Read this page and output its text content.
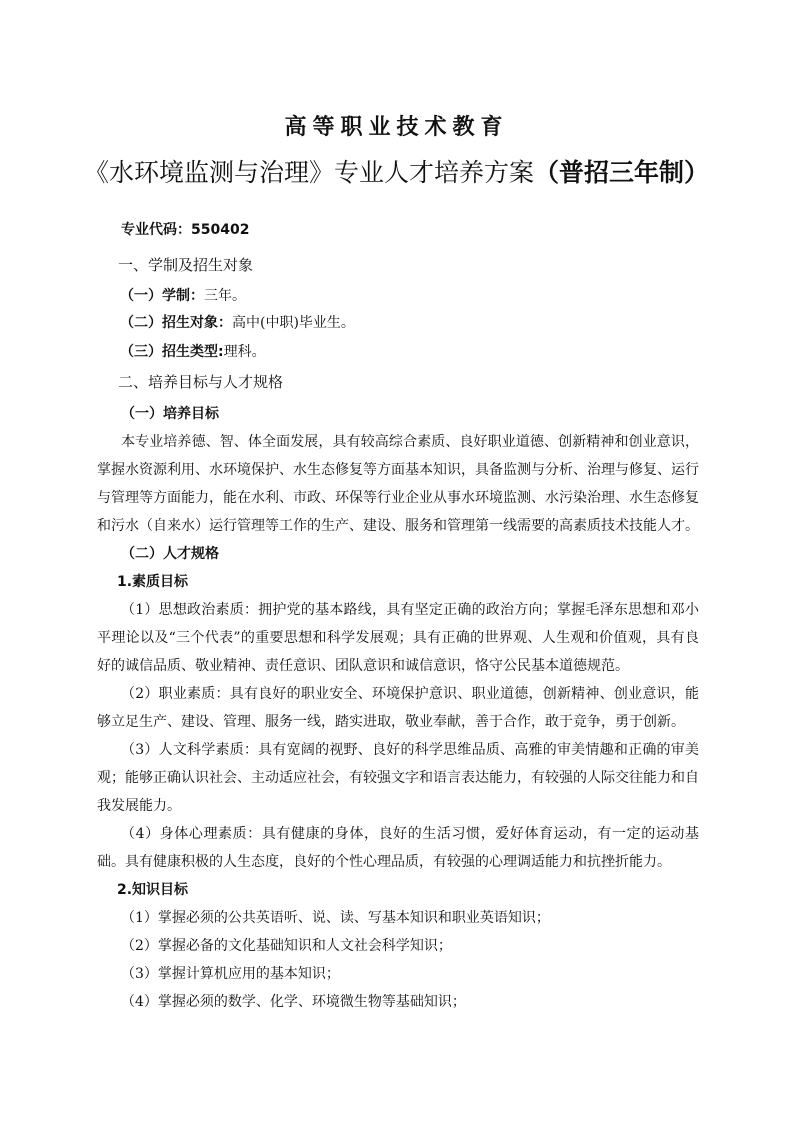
高等职业技术教育
《水环境监测与治理》专业人才培养方案（普招三年制）
专业代码：550402
一、学制及招生对象
（一）学制：三年。
（二）招生对象：高中(中职)毕业生。
（三）招生类型:理科。
二、培养目标与人才规格
（一）培养目标
本专业培养德、智、体全面发展，具有较高综合素质、良好职业道德、创新精神和创业意识，掌握水资源利用、水环境保护、水生态修复等方面基本知识，具备监测与分析、治理与修复、运行与管理等方面能力，能在水利、市政、环保等行业企业从事水环境监测、水污染治理、水生态修复和污水（自来水）运行管理等工作的生产、建设、服务和管理第一线需要的高素质技术技能人才。
（二）人才规格
1.素质目标
（1）思想政治素质：拥护党的基本路线，具有坚定正确的政治方向；掌握毛泽东思想和邓小平理论以及“三个代表”的重要思想和科学发展观；具有正确的世界观、人生观和价值观，具有良好的诚信品质、敬业精神、责任意识、团队意识和诚信意识，恪守公民基本道德规范。
（2）职业素质：具有良好的职业安全、环境保护意识、职业道德，创新精神、创业意识，能够立足生产、建设、管理、服务一线，踏实进取，敬业奉献，善于合作，敢于竞争，勇于创新。
（3）人文科学素质：具有宽阔的视野、良好的科学思维品质、高雅的审美情趣和正确的审美观；能够正确认识社会、主动适应社会，有较强文字和语言表达能力，有较强的人际交往能力和自我发展能力。
（4）身体心理素质：具有健康的身体，良好的生活习惯，爱好体育运动，有一定的运动基础。具有健康积极的人生态度，良好的个性心理品质，有较强的心理调适能力和抗挫折能力。
2.知识目标
（1）掌握必须的公共英语听、说、读、写基本知识和职业英语知识；
（2）掌握必备的文化基础知识和人文社会科学知识；
（3）掌握计算机应用的基本知识；
（4）掌握必须的数学、化学、环境微生物等基础知识；
